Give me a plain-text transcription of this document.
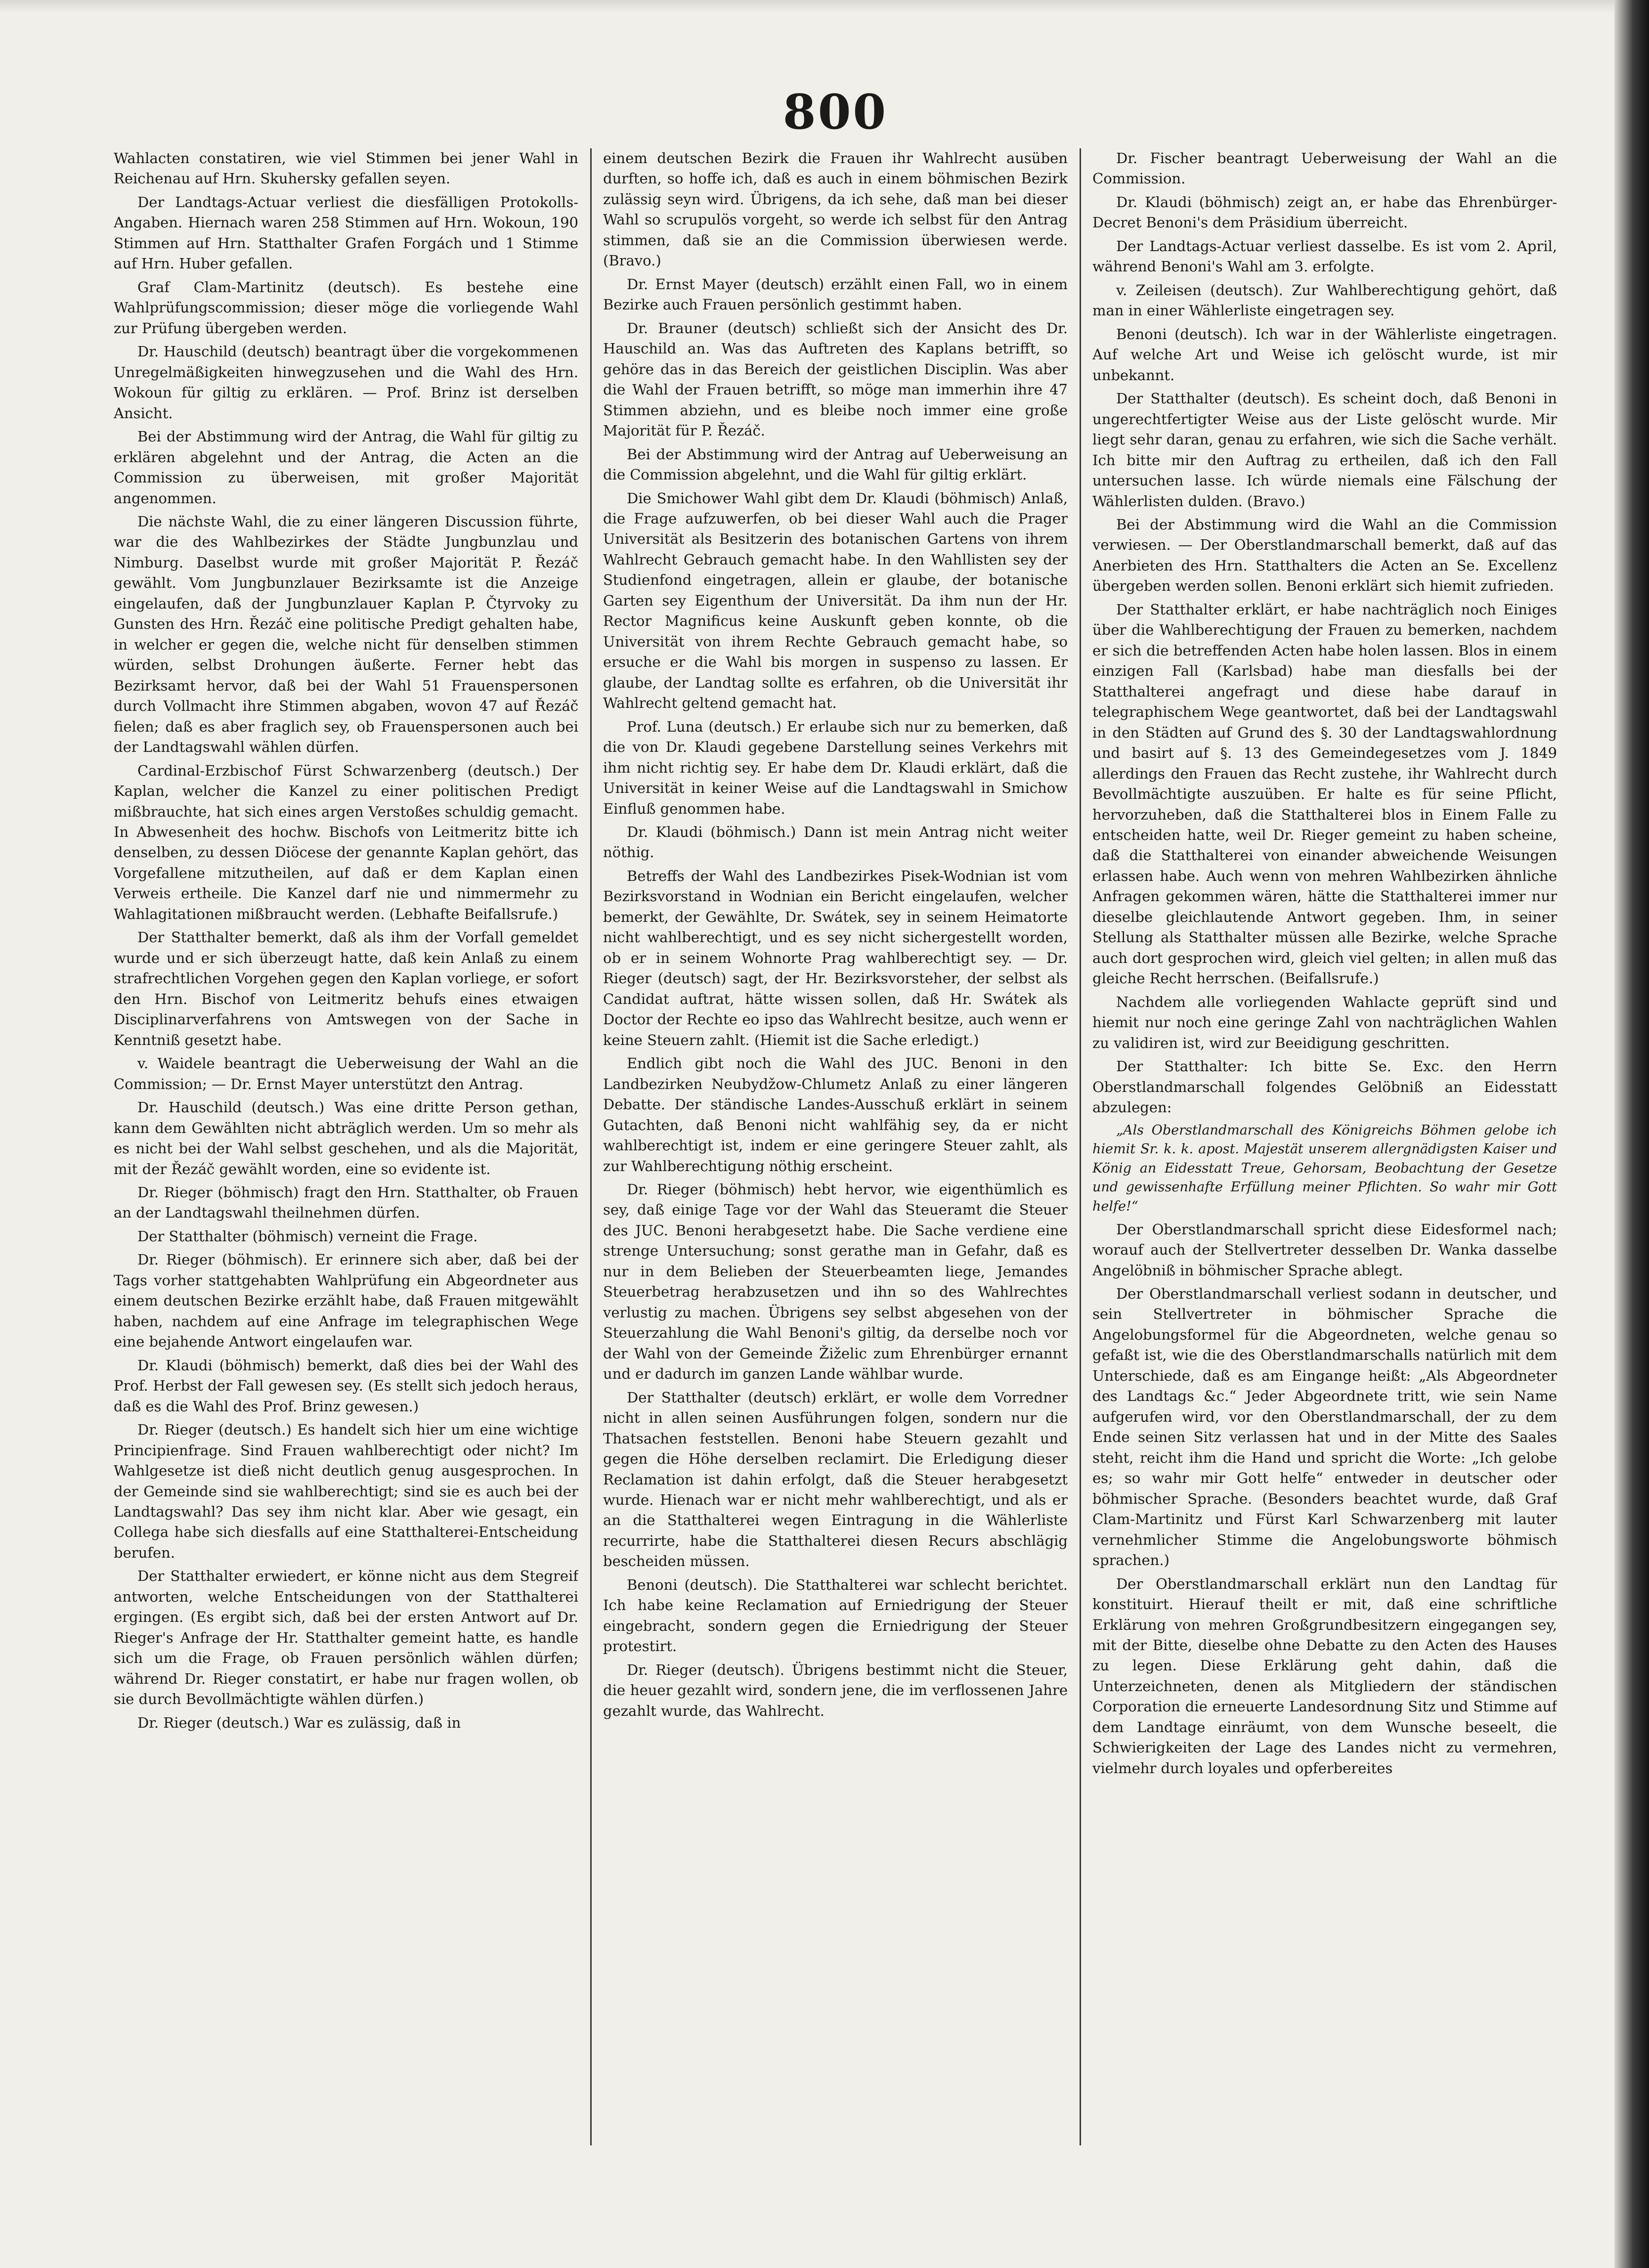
800

Wahlacten constatiren, wie viel Stimmen bei jener Wahl in Reichenau auf Hrn. Skuhersky gefallen seyen.

Der Landtags-Actuar verliest die diesfälligen Protokolls-Angaben. Hiernach waren 258 Stimmen auf Hrn. Wokoun, 190 Stimmen auf Hrn. Statthalter Grafen Forgách und 1 Stimme auf Hrn. Huber gefallen.

Graf Clam-Martinitz (deutsch). Es bestehe eine Wahlprüfungscommission; dieser möge die vorliegende Wahl zur Prüfung übergeben werden.

Dr. Hauschild (deutsch) beantragt über die vorgekommenen Unregelmäßigkeiten hinwegzusehen und die Wahl des Hrn. Wokoun für giltig zu erklären. — Prof. Brinz ist derselben Ansicht.

Bei der Abstimmung wird der Antrag, die Wahl für giltig zu erklären abgelehnt und der Antrag, die Acten an die Commission zu überweisen, mit großer Majorität angenommen.

Die nächste Wahl, die zu einer längeren Discussion führte, war die des Wahlbezirkes der Städte Jungbunzlau und Nimburg. Daselbst wurde mit großer Majorität P. Řezáč gewählt. Vom Jungbunzlauer Bezirksamte ist die Anzeige eingelaufen, daß der Jungbunzlauer Kaplan P. Čtyrvoky zu Gunsten des Hrn. Řezáč eine politische Predigt gehalten habe, in welcher er gegen die, welche nicht für denselben stimmen würden, selbst Drohungen äußerte. Ferner hebt das Bezirksamt hervor, daß bei der Wahl 51 Frauenspersonen durch Vollmacht ihre Stimmen abgaben, wovon 47 auf Řezáč fielen; daß es aber fraglich sey, ob Frauenspersonen auch bei der Landtagswahl wählen dürfen.

Cardinal-Erzbischof Fürst Schwarzenberg (deutsch.) Der Kaplan, welcher die Kanzel zu einer politischen Predigt mißbrauchte, hat sich eines argen Verstoßes schuldig gemacht. In Abwesenheit des hochw. Bischofs von Leitmeritz bitte ich denselben, zu dessen Diöcese der genannte Kaplan gehört, das Vorgefallene mitzutheilen, auf daß er dem Kaplan einen Verweis ertheile. Die Kanzel darf nie und nimmermehr zu Wahlagitationen mißbraucht werden. (Lebhafte Beifallsrufe.)

Der Statthalter bemerkt, daß als ihm der Vorfall gemeldet wurde und er sich überzeugt hatte, daß kein Anlaß zu einem strafrechtlichen Vorgehen gegen den Kaplan vorliege, er sofort den Hrn. Bischof von Leitmeritz behufs eines etwaigen Disciplinarverfahrens von Amtswegen von der Sache in Kenntniß gesetzt habe.

v. Waidele beantragt die Ueberweisung der Wahl an die Commission; — Dr. Ernst Mayer unterstützt den Antrag.

Dr. Hauschild (deutsch.) Was eine dritte Person gethan, kann dem Gewählten nicht abträglich werden. Um so mehr als es nicht bei der Wahl selbst geschehen, und als die Majorität, mit der Řezáč gewählt worden, eine so evidente ist.

Dr. Rieger (böhmisch) fragt den Hrn. Statthalter, ob Frauen an der Landtagswahl theilnehmen dürfen.

Der Statthalter (böhmisch) verneint die Frage.

Dr. Rieger (böhmisch). Er erinnere sich aber, daß bei der Tags vorher stattgehabten Wahlprüfung ein Abgeordneter aus einem deutschen Bezirke erzählt habe, daß Frauen mitgewählt haben, nachdem auf eine Anfrage im telegraphischen Wege eine bejahende Antwort eingelaufen war.

Dr. Klaudi (böhmisch) bemerkt, daß dies bei der Wahl des Prof. Herbst der Fall gewesen sey. (Es stellt sich jedoch heraus, daß es die Wahl des Prof. Brinz gewesen.)

Dr. Rieger (deutsch.) Es handelt sich hier um eine wichtige Principienfrage. Sind Frauen wahlberechtigt oder nicht? Im Wahlgesetze ist dieß nicht deutlich genug ausgesprochen. In der Gemeinde sind sie wahlberechtigt; sind sie es auch bei der Landtagswahl? Das sey ihm nicht klar. Aber wie gesagt, ein Collega habe sich diesfalls auf eine Statthalterei-Entscheidung berufen.

Der Statthalter erwiedert, er könne nicht aus dem Stegreif antworten, welche Entscheidungen von der Statthalterei ergingen. (Es ergibt sich, daß bei der ersten Antwort auf Dr. Rieger's Anfrage der Hr. Statthalter gemeint hatte, es handle sich um die Frage, ob Frauen persönlich wählen dürfen; während Dr. Rieger constatirt, er habe nur fragen wollen, ob sie durch Bevollmächtigte wählen dürfen.)

Dr. Rieger (deutsch.) War es zulässig, daß in

einem deutschen Bezirk die Frauen ihr Wahlrecht ausüben durften, so hoffe ich, daß es auch in einem böhmischen Bezirk zulässig seyn wird. Übrigens, da ich sehe, daß man bei dieser Wahl so scrupulös vorgeht, so werde ich selbst für den Antrag stimmen, daß sie an die Commission überwiesen werde. (Bravo.)

Dr. Ernst Mayer (deutsch) erzählt einen Fall, wo in einem Bezirke auch Frauen persönlich gestimmt haben.

Dr. Brauner (deutsch) schließt sich der Ansicht des Dr. Hauschild an. Was das Auftreten des Kaplans betrifft, so gehöre das in das Bereich der geistlichen Disciplin. Was aber die Wahl der Frauen betrifft, so möge man immerhin ihre 47 Stimmen abziehn, und es bleibe noch immer eine große Majorität für P. Řezáč.

Bei der Abstimmung wird der Antrag auf Ueberweisung an die Commission abgelehnt, und die Wahl für giltig erklärt.

Die Smichower Wahl gibt dem Dr. Klaudi (böhmisch) Anlaß, die Frage aufzuwerfen, ob bei dieser Wahl auch die Prager Universität als Besitzerin des botanischen Gartens von ihrem Wahlrecht Gebrauch gemacht habe. In den Wahllisten sey der Studienfond eingetragen, allein er glaube, der botanische Garten sey Eigenthum der Universität. Da ihm nun der Hr. Rector Magnificus keine Auskunft geben konnte, ob die Universität von ihrem Rechte Gebrauch gemacht habe, so ersuche er die Wahl bis morgen in suspenso zu lassen. Er glaube, der Landtag sollte es erfahren, ob die Universität ihr Wahlrecht geltend gemacht hat.

Prof. Luna (deutsch.) Er erlaube sich nur zu bemerken, daß die von Dr. Klaudi gegebene Darstellung seines Verkehrs mit ihm nicht richtig sey. Er habe dem Dr. Klaudi erklärt, daß die Universität in keiner Weise auf die Landtagswahl in Smichow Einfluß genommen habe.

Dr. Klaudi (böhmisch.) Dann ist mein Antrag nicht weiter nöthig.

Betreffs der Wahl des Landbezirkes Pisek-Wodnian ist vom Bezirksvorstand in Wodnian ein Bericht eingelaufen, welcher bemerkt, der Gewählte, Dr. Swátek, sey in seinem Heimatorte nicht wahlberechtigt, und es sey nicht sichergestellt worden, ob er in seinem Wohnorte Prag wahlberechtigt sey. — Dr. Rieger (deutsch) sagt, der Hr. Bezirksvorsteher, der selbst als Candidat auftrat, hätte wissen sollen, daß Hr. Swátek als Doctor der Rechte eo ipso das Wahlrecht besitze, auch wenn er keine Steuern zahlt. (Hiemit ist die Sache erledigt.)

Endlich gibt noch die Wahl des JUC. Benoni in den Landbezirken Neubydžow-Chlumetz Anlaß zu einer längeren Debatte. Der ständische Landes-Ausschuß erklärt in seinem Gutachten, daß Benoni nicht wahlfähig sey, da er nicht wahlberechtigt ist, indem er eine geringere Steuer zahlt, als zur Wahlberechtigung nöthig erscheint.

Dr. Rieger (böhmisch) hebt hervor, wie eigenthümlich es sey, daß einige Tage vor der Wahl das Steueramt die Steuer des JUC. Benoni herabgesetzt habe. Die Sache verdiene eine strenge Untersuchung; sonst gerathe man in Gefahr, daß es nur in dem Belieben der Steuerbeamten liege, Jemandes Steuerbetrag herabzusetzen und ihn so des Wahlrechtes verlustig zu machen. Übrigens sey selbst abgesehen von der Steuerzahlung die Wahl Benoni's giltig, da derselbe noch vor der Wahl von der Gemeinde Žiželic zum Ehrenbürger ernannt und er dadurch im ganzen Lande wählbar wurde.

Der Statthalter (deutsch) erklärt, er wolle dem Vorredner nicht in allen seinen Ausführungen folgen, sondern nur die Thatsachen feststellen. Benoni habe Steuern gezahlt und gegen die Höhe derselben reclamirt. Die Erledigung dieser Reclamation ist dahin erfolgt, daß die Steuer herabgesetzt wurde. Hienach war er nicht mehr wahlberechtigt, und als er an die Statthalterei wegen Eintragung in die Wählerliste recurrirte, habe die Statthalterei diesen Recurs abschlägig bescheiden müssen.

Benoni (deutsch). Die Statthalterei war schlecht berichtet. Ich habe keine Reclamation auf Erniedrigung der Steuer eingebracht, sondern gegen die Erniedrigung der Steuer protestirt.

Dr. Rieger (deutsch). Übrigens bestimmt nicht die Steuer, die heuer gezahlt wird, sondern jene, die im verflossenen Jahre gezahlt wurde, das Wahlrecht.

Dr. Fischer beantragt Ueberweisung der Wahl an die Commission.

Dr. Klaudi (böhmisch) zeigt an, er habe das Ehrenbürger-Decret Benoni's dem Präsidium überreicht.

Der Landtags-Actuar verliest dasselbe. Es ist vom 2. April, während Benoni's Wahl am 3. erfolgte.

v. Zeileisen (deutsch). Zur Wahlberechtigung gehört, daß man in einer Wählerliste eingetragen sey.

Benoni (deutsch). Ich war in der Wählerliste eingetragen. Auf welche Art und Weise ich gelöscht wurde, ist mir unbekannt.

Der Statthalter (deutsch). Es scheint doch, daß Benoni in ungerechtfertigter Weise aus der Liste gelöscht wurde. Mir liegt sehr daran, genau zu erfahren, wie sich die Sache verhält. Ich bitte mir den Auftrag zu ertheilen, daß ich den Fall untersuchen lasse. Ich würde niemals eine Fälschung der Wählerlisten dulden. (Bravo.)

Bei der Abstimmung wird die Wahl an die Commission verwiesen. — Der Oberstlandmarschall bemerkt, daß auf das Anerbieten des Hrn. Statthalters die Acten an Se. Excellenz übergeben werden sollen. Benoni erklärt sich hiemit zufrieden.

Der Statthalter erklärt, er habe nachträglich noch Einiges über die Wahlberechtigung der Frauen zu bemerken, nachdem er sich die betreffenden Acten habe holen lassen. Blos in einem einzigen Fall (Karlsbad) habe man diesfalls bei der Statthalterei angefragt und diese habe darauf in telegraphischem Wege geantwortet, daß bei der Landtagswahl in den Städten auf Grund des §. 30 der Landtagswahlordnung und basirt auf §. 13 des Gemeindegesetzes vom J. 1849 allerdings den Frauen das Recht zustehe, ihr Wahlrecht durch Bevollmächtigte auszuüben. Er halte es für seine Pflicht, hervorzuheben, daß die Statthalterei blos in Einem Falle zu entscheiden hatte, weil Dr. Rieger gemeint zu haben scheine, daß die Statthalterei von einander abweichende Weisungen erlassen habe. Auch wenn von mehren Wahlbezirken ähnliche Anfragen gekommen wären, hätte die Statthalterei immer nur dieselbe gleichlautende Antwort gegeben. Ihm, in seiner Stellung als Statthalter müssen alle Bezirke, welche Sprache auch dort gesprochen wird, gleich viel gelten; in allen muß das gleiche Recht herrschen. (Beifallsrufe.)

Nachdem alle vorliegenden Wahlacte geprüft sind und hiemit nur noch eine geringe Zahl von nachträglichen Wahlen zu validiren ist, wird zur Beeidigung geschritten.

Der Statthalter: Ich bitte Se. Exc. den Herrn Oberstlandmarschall folgendes Gelöbniß an Eidesstatt abzulegen:

„Als Oberstlandmarschall des Königreichs Böhmen gelobe ich hiemit Sr. k. k. apost. Majestät unserem allergnädigsten Kaiser und König an Eidesstatt Treue, Gehorsam, Beobachtung der Gesetze und gewissenhafte Erfüllung meiner Pflichten. So wahr mir Gott helfe!“

Der Oberstlandmarschall spricht diese Eidesformel nach; worauf auch der Stellvertreter desselben Dr. Wanka dasselbe Angelöbniß in böhmischer Sprache ablegt.

Der Oberstlandmarschall verliest sodann in deutscher, und sein Stellvertreter in böhmischer Sprache die Angelobungsformel für die Abgeordneten, welche genau so gefaßt ist, wie die des Oberstlandmarschalls natürlich mit dem Unterschiede, daß es am Eingange heißt: „Als Abgeordneter des Landtags &c.“ Jeder Abgeordnete tritt, wie sein Name aufgerufen wird, vor den Oberstlandmarschall, der zu dem Ende seinen Sitz verlassen hat und in der Mitte des Saales steht, reicht ihm die Hand und spricht die Worte: „Ich gelobe es; so wahr mir Gott helfe“ entweder in deutscher oder böhmischer Sprache. (Besonders beachtet wurde, daß Graf Clam-Martinitz und Fürst Karl Schwarzenberg mit lauter vernehmlicher Stimme die Angelobungsworte böhmisch sprachen.)

Der Oberstlandmarschall erklärt nun den Landtag für konstituirt. Hierauf theilt er mit, daß eine schriftliche Erklärung von mehren Großgrundbesitzern eingegangen sey, mit der Bitte, dieselbe ohne Debatte zu den Acten des Hauses zu legen. Diese Erklärung geht dahin, daß die Unterzeichneten, denen als Mitgliedern der ständischen Corporation die erneuerte Landesordnung Sitz und Stimme auf dem Landtage einräumt, von dem Wunsche beseelt, die Schwierigkeiten der Lage des Landes nicht zu vermehren, vielmehr durch loyales und opferbereites
